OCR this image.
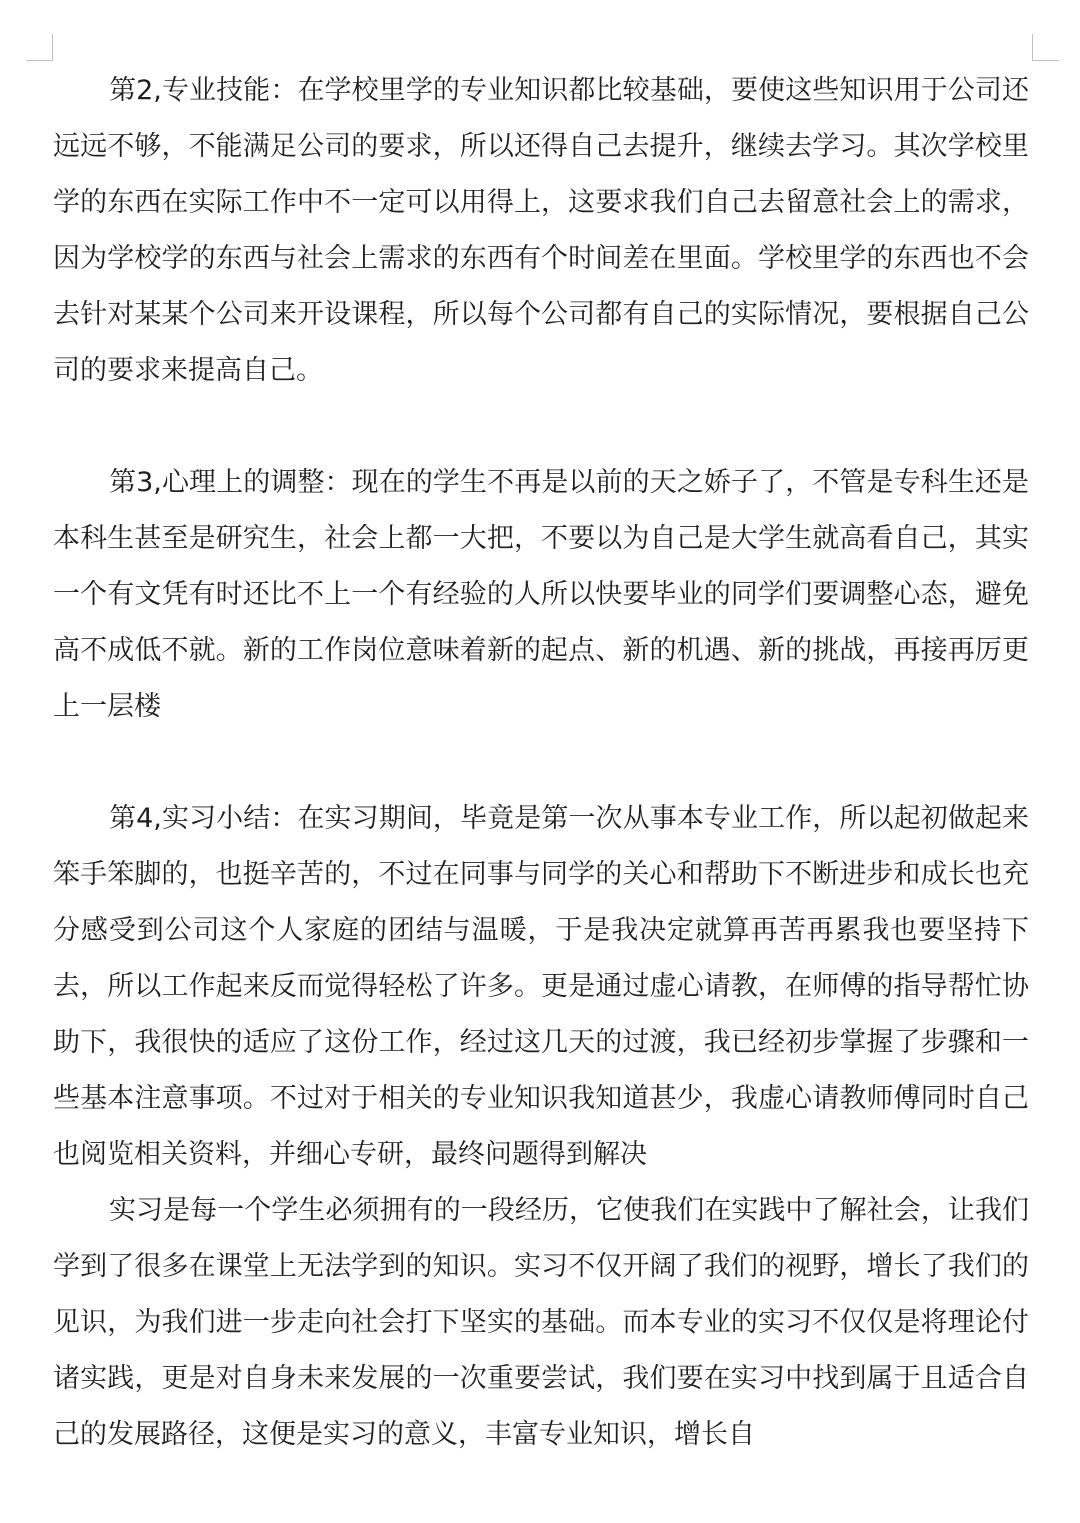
第2,专业技能：在学校里学的专业知识都比较基础，要使这些知识用于公司还远远不够，不能满足公司的要求，所以还得自己去提升，继续去学习。其次学校里学的东西在实际工作中不一定可以用得上，这要求我们自己去留意社会上的需求，因为学校学的东西与社会上需求的东西有个时间差在里面。学校里学的东西也不会去针对某某个公司来开设课程，所以每个公司都有自己的实际情况，要根据自己公司的要求来提高自己。

第3,心理上的调整：现在的学生不再是以前的天之娇子了，不管是专科生还是本科生甚至是研究生，社会上都一大把，不要以为自己是大学生就高看自己，其实一个有文凭有时还比不上一个有经验的人所以快要毕业的同学们要调整心态，避免高不成低不就。新的工作岗位意味着新的起点、新的机遇、新的挑战，再接再厉更上一层楼

第4,实习小结：在实习期间，毕竟是第一次从事本专业工作，所以起初做起来笨手笨脚的，也挺辛苦的，不过在同事与同学的关心和帮助下不断进步和成长也充分感受到公司这个人家庭的团结与温暖，于是我决定就算再苦再累我也要坚持下去，所以工作起来反而觉得轻松了许多。更是通过虚心请教，在师傅的指导帮忙协助下，我很快的适应了这份工作，经过这几天的过渡，我已经初步掌握了步骤和一些基本注意事项。不过对于相关的专业知识我知道甚少，我虚心请教师傅同时自己也阅览相关资料，并细心专研，最终问题得到解决

实习是每一个学生必须拥有的一段经历，它使我们在实践中了解社会，让我们学到了很多在课堂上无法学到的知识。实习不仅开阔了我们的视野，增长了我们的见识，为我们进一步走向社会打下坚实的基础。而本专业的实习不仅仅是将理论付诸实践，更是对自身未来发展的一次重要尝试，我们要在实习中找到属于且适合自己的发展路径，这便是实习的意义，丰富专业知识，增长自
